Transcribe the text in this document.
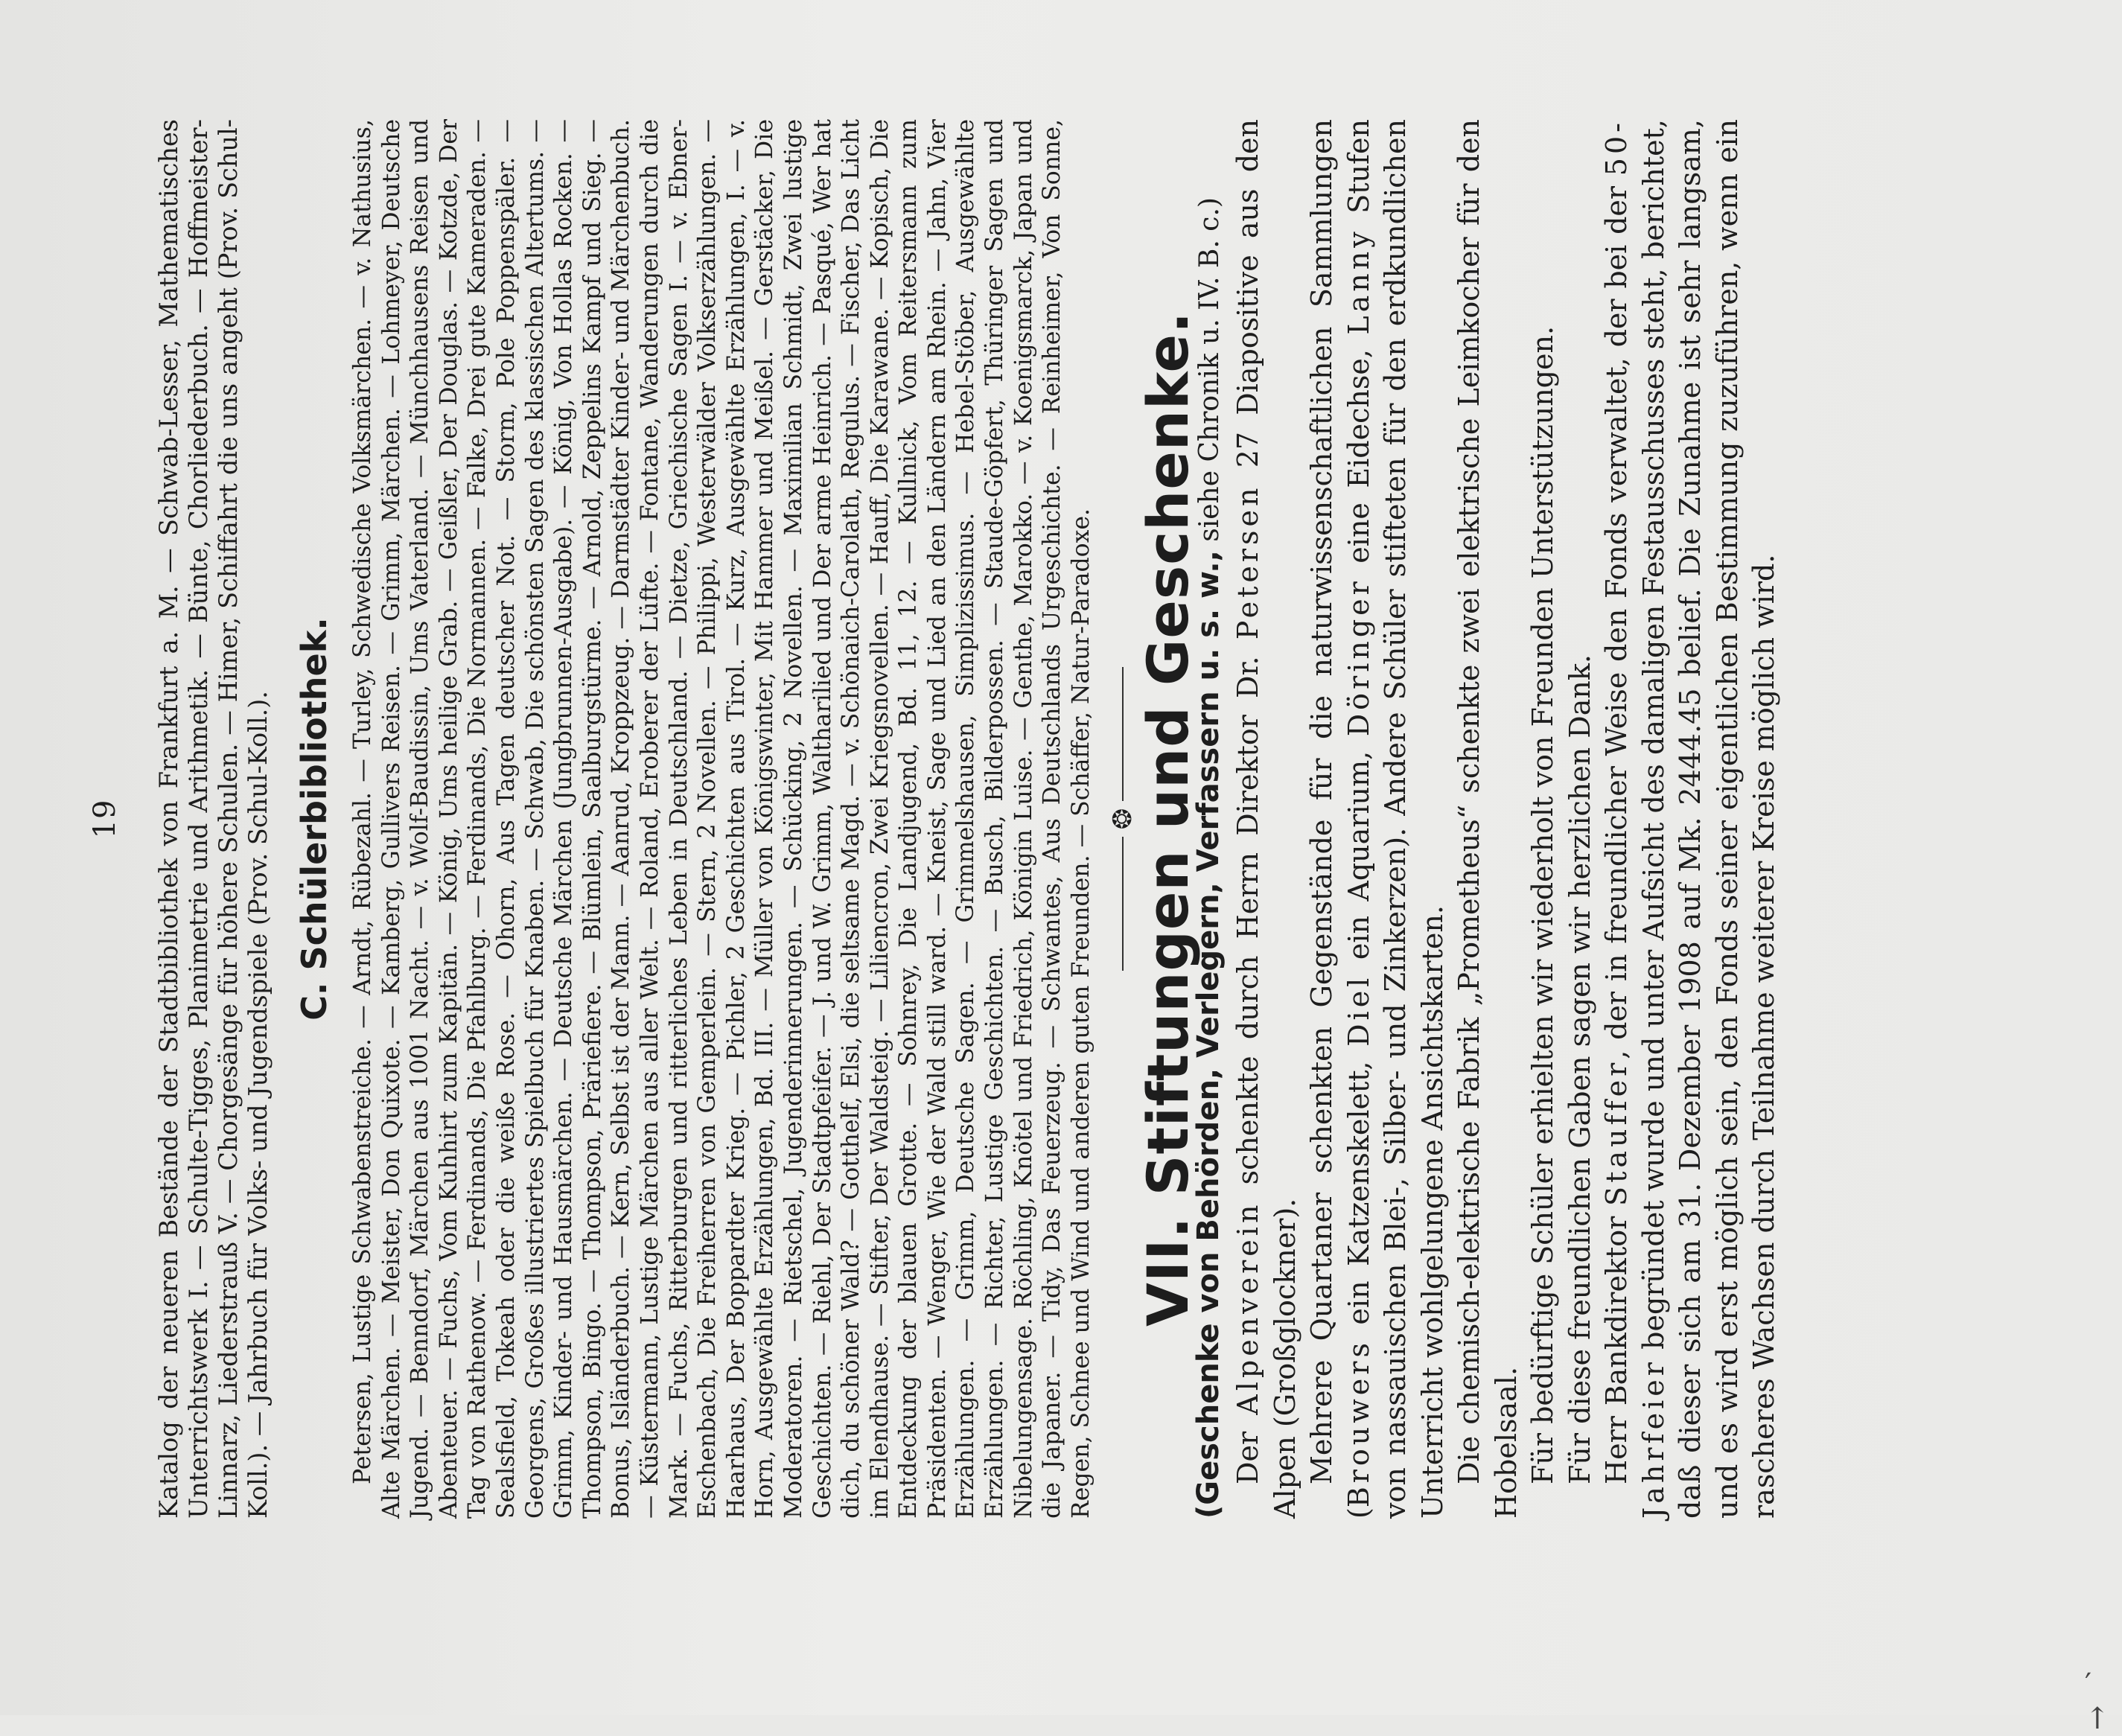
19 Katalog der neueren Bestände der Stadtbibliothek von Frankfurt a. M. — Schwab-Lesser, Mathematisches Unterrichtswerk I. — Schulte-Tigges, Planimetrie und Arithmetik. — Bünte, Chorliederbuch. — Hoffmeister-Linnarz, Liederstrauß V. — Chorgesänge für höhere Schulen. — Himer, Schiffahrt die uns angeht (Prov. Schul-Koll.). — Jahrbuch für Volks- und Jugendspiele (Prov. Schul-Koll.). C. Schülerbibliothek. Petersen, Lustige Schwabenstreiche. — Arndt, Rübezahl. — Turley, Schwedische Volksmärchen. — v. Nathusius, Alte Märchen. — Meister, Don Quixote. — Kamberg, Gullivers Reisen. — Grimm, Märchen. — Lohmeyer, Deutsche Jugend. — Benndorf, Märchen aus 1001 Nacht. — v. Wolf-Baudissin, Ums Vaterland. — Münchhausens Reisen und Abenteuer. — Fuchs, Vom Kuhhirt zum Kapitän. — König, Ums heilige Grab. — Geißler, Der Douglas. — Kotzde, Der Tag von Rathenow. — Ferdinands, Die Pfahlburg. — Ferdinands, Die Normannen. — Falke, Drei gute Kameraden. — Sealsfield, Tokeah oder die weiße Rose. — Ohorn, Aus Tagen deutscher Not. — Storm, Pole Poppenspäler. — Georgens, Großes illustriertes Spielbuch für Knaben. — Schwab, Die schönsten Sagen des klassischen Altertums. — Grimm, Kinder- und Hausmärchen. — Deutsche Märchen (Jungbrunnen-Ausgabe). — König, Von Hollas Rocken. — Thompson, Bingo. — Thompson, Präriefiere. — Blümlein, Saalburgstürme. — Arnold, Zeppelins Kampf und Sieg. — Bonus, Isländerbuch. — Kern, Selbst ist der Mann. — Aanrud, Kroppzeug. — Darmstädter Kinder- und Märchenbuch. — Küstermann, Lustige Märchen aus aller Welt. — Roland, Eroberer der Lüfte. — Fontane, Wanderungen durch die Mark. — Fuchs, Ritterburgen und ritterliches Leben in Deutschland. — Dietze, Griechische Sagen I. — v. Ebner-Eschenbach, Die Freiherren von Gemperlein. — Stern, 2 Novellen. — Philippi, Westerwälder Volkserzählungen. — Haarhaus, Der Boppardter Krieg. — Pichler, 2 Geschichten aus Tirol. — Kurz, Ausgewählte Erzählungen, I. — v. Horn, Ausgewählte Erzählungen, Bd. III. — Müller von Königswinter, Mit Hammer und Meißel. — Gerstäcker, Die Moderatoren. — Rietschel, Jugenderinnerungen. — Schücking, 2 Novellen. — Maximilian Schmidt, Zwei lustige Geschichten. — Riehl, Der Stadtpfeifer. — J. und W. Grimm, Waltharilied und Der arme Heinrich. — Pasqué, Wer hat dich, du schöner Wald? — Gotthelf, Elsi, die seltsame Magd. — v. Schönaich-Carolath, Regulus. — Fischer, Das Licht im Elendhause. — Stifter, Der Waldsteig. — Liliencron, Zwei Kriegsnovellen. — Hauff, Die Karawane. — Kopisch, Die Entdeckung der blauen Grotte. — Sohnrey, Die Landjugend, Bd. 11, 12. — Kullnick, Vom Reitersmann zum Präsidenten. — Wenger, Wie der Wald still ward. — Kneist, Sage und Lied an den Ländern am Rhein. — Jahn, Vier Erzählungen. — Grimm, Deutsche Sagen. — Grimmelshausen, Simplizissimus. — Hebel-Stöber, Ausgewählte Erzählungen. — Richter, Lustige Geschichten. — Busch, Bilderpossen. — Staude-Göpfert, Thüringer Sagen und Nibelungensage. Röchling, Knötel und Friedrich, Königin Luise. — Genthe, Marokko. — v. Koenigsmarck, Japan und die Japaner. — Tidy, Das Feuerzeug. — Schwantes, Aus Deutschlands Urgeschichte. — Reinheimer, Von Sonne, Regen, Schnee und Wind und anderen guten Freunden. — Schäffer, Natur-Paradoxe. ❂
VII. Stiftungen und Geschenke.
(Geschenke von Behörden, Verlegern, Verfassern u. s. w., siehe Chronik u. IV. B. c.)

Der Alpenverein schenkte durch Herrn Direktor Dr. Petersen 27 Diapositive aus den Alpen (Großglockner). Mehrere Quartaner schenkten Gegenstände für die naturwissenschaftlichen Sammlungen (Brouwers ein Katzenskelett, Diel ein Aquarium, Döringer eine Eidechse, Lanny Stufen von nassauischen Blei-, Silber- und Zinkerzen). Andere Schüler stifteten für den erdkundlichen Unterricht wohlgelungene Ansichtskarten. Die chemisch-elektrische Fabrik „Prometheus“ schenkte zwei elektrische Leimkocher für den Hobelsaal. Für bedürftige Schüler erhielten wir wiederholt von Freunden Unterstützungen. Für diese freundlichen Gaben sagen wir herzlichen Dank. Herr Bankdirektor Stauffer, der in freundlicher Weise den Fonds verwaltet, der bei der 50-Jahrfeier begründet wurde und unter Aufsicht des damaligen Festausschusses steht, berichtet, daß dieser sich am 31. Dezember 1908 auf Mk. 2444.45 belief. Die Zunahme ist sehr langsam, und es wird erst möglich sein, den Fonds seiner eigentlichen Bestimmung zuzuführen, wenn ein rascheres Wachsen durch Teilnahme weiterer Kreise möglich wird.

′ ↑
